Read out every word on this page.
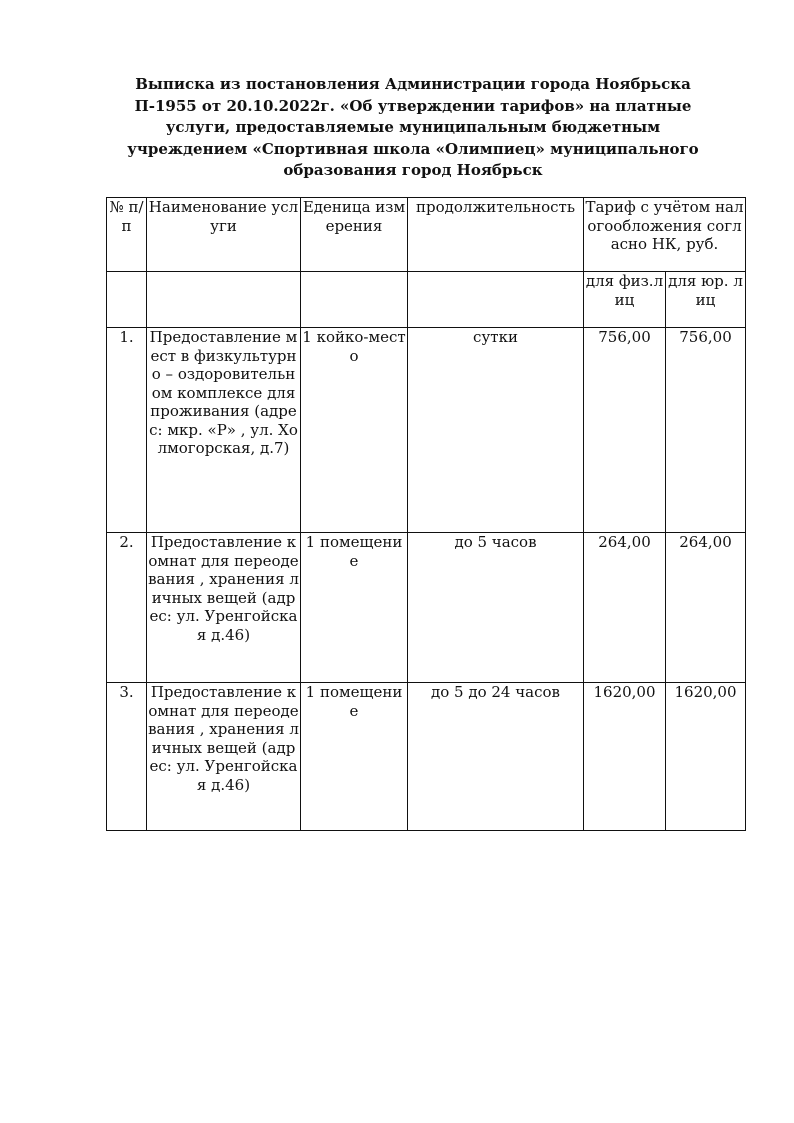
Выписка из постановления Администрации города Ноябрьска П-1955 от 20.10.2022г. «Об утверждении тарифов» на платные услуги, предоставляемые муниципальным бюджетным учреждением «Спортивная школа «Олимпиец» муниципального образования город Ноябрьск
№ п/п	Наименование услуги	Еденица измерения	продолжительность	Тариф с учётом налогообложения согласно НК, руб.	
				для физ.лиц	для юр. лиц
1.	Предоставление мест в физкультурно – оздоровительном комплексе для проживания (адрес: мкр. «Р» , ул. Холмогорская, д.7)	1 койко-место	сутки	756,00	756,00
2.	Предоставление комнат для переодевания , хранения личных вещей (адрес: ул. Уренгойская д.46)	1 помещение	до 5 часов	264,00	264,00
3.	Предоставление комнат для переодевания , хранения личных вещей (адрес: ул. Уренгойская д.46)	1 помещение	до 5 до 24 часов	1620,00	1620,00
